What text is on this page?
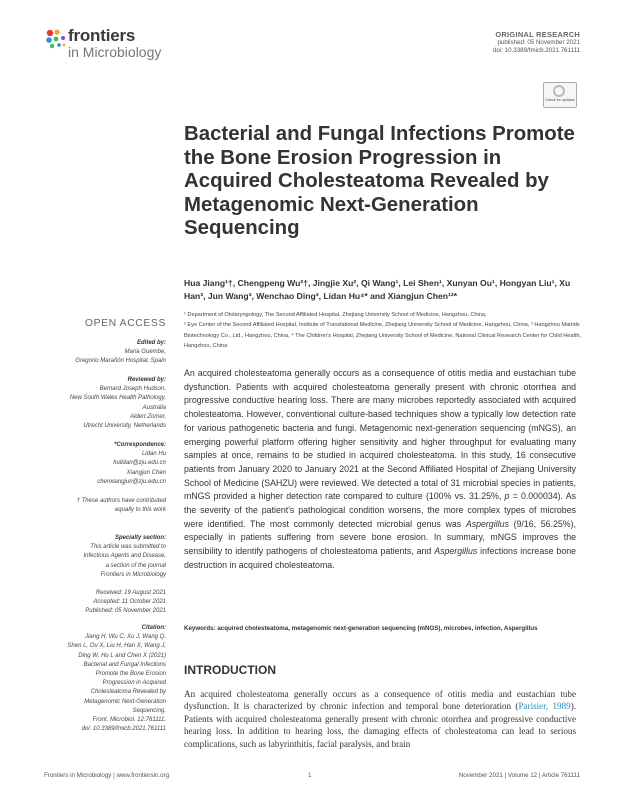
frontiers
in Microbiology
ORIGINAL RESEARCH
published: 05 November 2021
doi: 10.3389/fmicb.2021.761111
Check for updates
Bacterial and Fungal Infections Promote the Bone Erosion Progression in Acquired Cholesteatoma Revealed by Metagenomic Next-Generation Sequencing
Hua Jiang¹†, Chengpeng Wu²†, Jingjie Xu², Qi Wang¹, Lei Shen¹, Xunyan Ou¹, Hongyan Liu¹, Xu Han³, Jun Wang³, Wenchao Ding³, Lidan Hu⁴* and Xiangjun Chen¹²*

¹ Department of Otolaryngology, The Second Affiliated Hospital, Zhejiang University School of Medicine, Hangzhou, China,

² Eye Center of the Second Affiliated Hospital, Institute of Translational Medicine, Zhejiang University School of Medicine, Hangzhou, China, ³ Hangzhou Matridx Biotechnology Co., Ltd., Hangzhou, China, ⁴ The Children's Hospital, Zhejiang University School of Medicine, National Clinical Research Center for Child Health, Hangzhou, China

OPEN ACCESS

Edited by:

Maria Guembe,

Gregorio Marañón Hospital, Spain

Reviewed by:

Bernard Joseph Hudson,

New South Wales Health Pathology,

Australia

Aldert Zomer,

Utrecht University, Netherlands

*Correspondence:

Lidan Hu

hulidan@zju.edu.cn

Xiangjun Chen

chenxiangjun@zju.edu.cn

† These authors have contributed

equally to this work

Specialty section:

This article was submitted to

Infectious Agents and Disease,

a section of the journal

Frontiers in Microbiology

Received: 19 August 2021

Accepted: 11 October 2021

Published: 05 November 2021

Citation:

Jiang H, Wu C, Xu J, Wang Q,

Shen L, Ou X, Liu H, Han X, Wang J,

Ding W, Hu L and Chen X (2021)

Bacterial and Fungal Infections

Promote the Bone Erosion

Progression in Acquired

Cholesteatoma Revealed by

Metagenomic Next-Generation

Sequencing.

Front. Microbiol. 12:761111.

doi: 10.3389/fmicb.2021.761111

An acquired cholesteatoma generally occurs as a consequence of otitis media and eustachian tube dysfunction. Patients with acquired cholesteatoma generally present with chronic otorrhea and progressive conductive hearing loss. There are many microbes reportedly associated with acquired cholesteatoma. However, conventional culture-based techniques show a typically low detection rate for various pathogenetic bacteria and fungi. Metagenomic next-generation sequencing (mNGS), an emerging powerful platform offering higher sensitivity and higher throughput for evaluating many samples at once, remains to be studied in acquired cholesteatoma. In this study, 16 consecutive patients from January 2020 to January 2021 at the Second Affiliated Hospital of Zhejiang University School of Medicine (SAHZU) were reviewed. We detected a total of 31 microbial species in patients, mNGS provided a higher detection rate compared to culture (100% vs. 31.25%, p = 0.000034). As the severity of the patient's pathological condition worsens, the more complex types of microbes were identified. The most commonly detected microbial genus was Aspergillus (9/16, 56.25%), especially in patients suffering from severe bone erosion. In summary, mNGS improves the sensibility to identify pathogens of cholesteatoma patients, and Aspergillus infections increase bone destruction in acquired cholesteatoma.

Keywords: acquired cholesteatoma, metagenomic next-generation sequencing (mNGS), microbes, infection, Aspergillus
INTRODUCTION

An acquired cholesteatoma generally occurs as a consequence of otitis media and eustachian tube dysfunction. It is characterized by chronic infection and temporal bone deterioration (Parisier, 1989). Patients with acquired cholesteatoma generally present with chronic otorrhea and progressive conductive hearing loss. In addition to hearing loss, the damaging effects of cholesteatoma can lead to serious complications, such as labyrinthitis, facial paralysis, and brain

Frontiers in Microbiology | www.frontiersin.org	1	November 2021 | Volume 12 | Article 761111
